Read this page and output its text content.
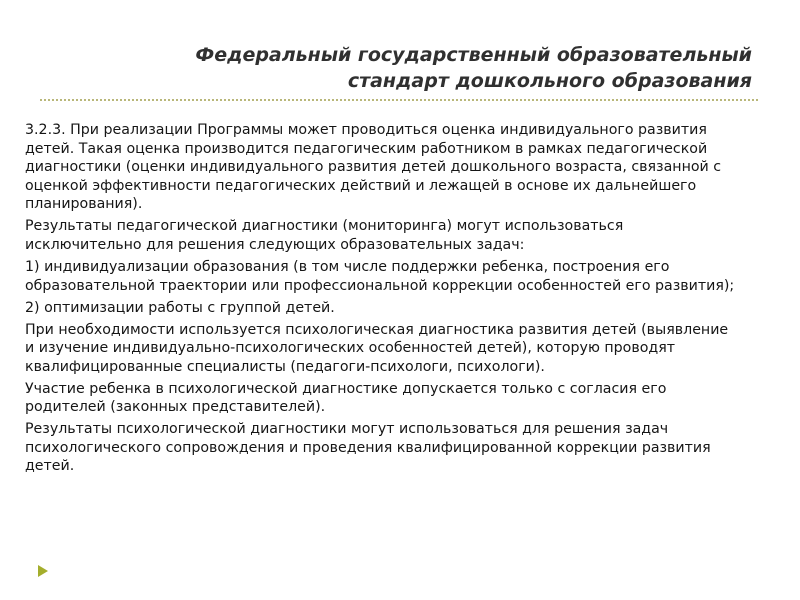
Федеральный государственный образовательный
стандарт дошкольного образования

3.2.3. При реализации Программы может проводиться оценка индивидуального развития детей. Такая оценка производится педагогическим работником в рамках педагогической диагностики (оценки индивидуального развития детей дошкольного возраста, связанной с оценкой эффективности педагогических действий и лежащей в основе их дальнейшего планирования).

Результаты педагогической диагностики (мониторинга) могут использоваться исключительно для решения следующих образовательных задач:

1) индивидуализации образования (в том числе поддержки ребенка, построения его образовательной траектории или профессиональной коррекции особенностей его развития);

2) оптимизации работы с группой детей.

При необходимости используется психологическая диагностика развития детей (выявление и изучение индивидуально-психологических особенностей детей), которую проводят квалифицированные специалисты (педагоги-психологи, психологи).

Участие ребенка в психологической диагностике допускается только с согласия его родителей (законных представителей).

Результаты психологической диагностики могут использоваться для решения задач психологического сопровождения и проведения квалифицированной коррекции развития детей.
